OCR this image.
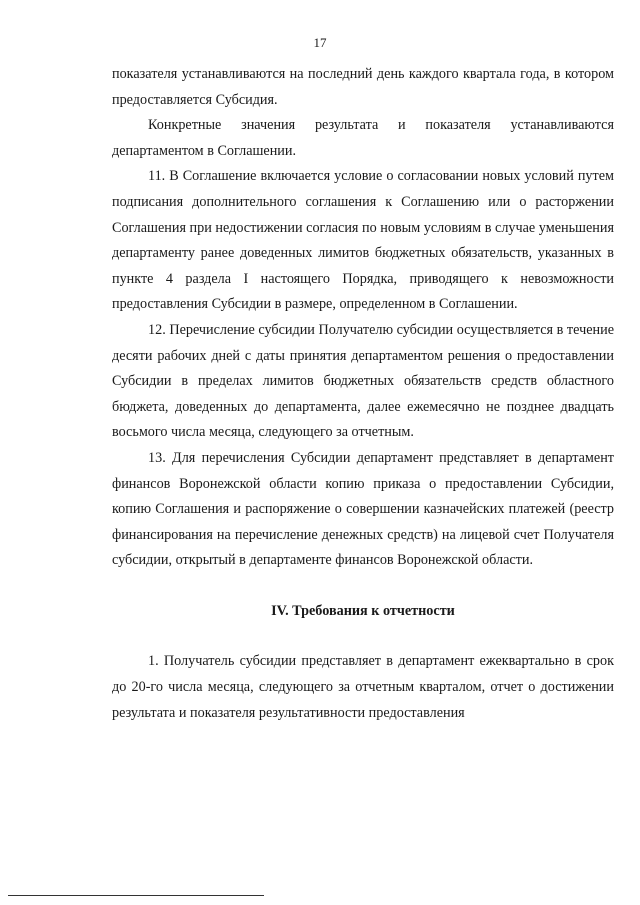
17

показателя устанавливаются на последний день каждого квартала года, в котором предоставляется Субсидия.

Конкретные значения результата и показателя устанавливаются департаментом в Соглашении.

11. В Соглашение включается условие о согласовании новых условий путем подписания дополнительного соглашения к Соглашению или о расторжении Соглашения при недостижении согласия по новым условиям в случае уменьшения департаменту ранее доведенных лимитов бюджетных обязательств, указанных в пункте 4 раздела I настоящего Порядка, приводящего к невозможности предоставления Субсидии в размере, определенном в Соглашении.

12. Перечисление субсидии Получателю субсидии осуществляется в течение десяти рабочих дней с даты принятия департаментом решения о предоставлении Субсидии в пределах лимитов бюджетных обязательств средств областного бюджета, доведенных до департамента, далее ежемесячно не позднее двадцать восьмого числа месяца, следующего за отчетным.

13. Для перечисления Субсидии департамент представляет в департамент финансов Воронежской области копию приказа о предоставлении Субсидии, копию Соглашения и распоряжение о совершении казначейских платежей (реестр финансирования на перечисление денежных средств) на лицевой счет Получателя субсидии, открытый в департаменте финансов Воронежской области.

IV. Требования к отчетности

1. Получатель субсидии представляет в департамент ежеквартально в срок до 20-го числа месяца, следующего за отчетным кварталом, отчет о достижении результата и показателя результативности предоставления
